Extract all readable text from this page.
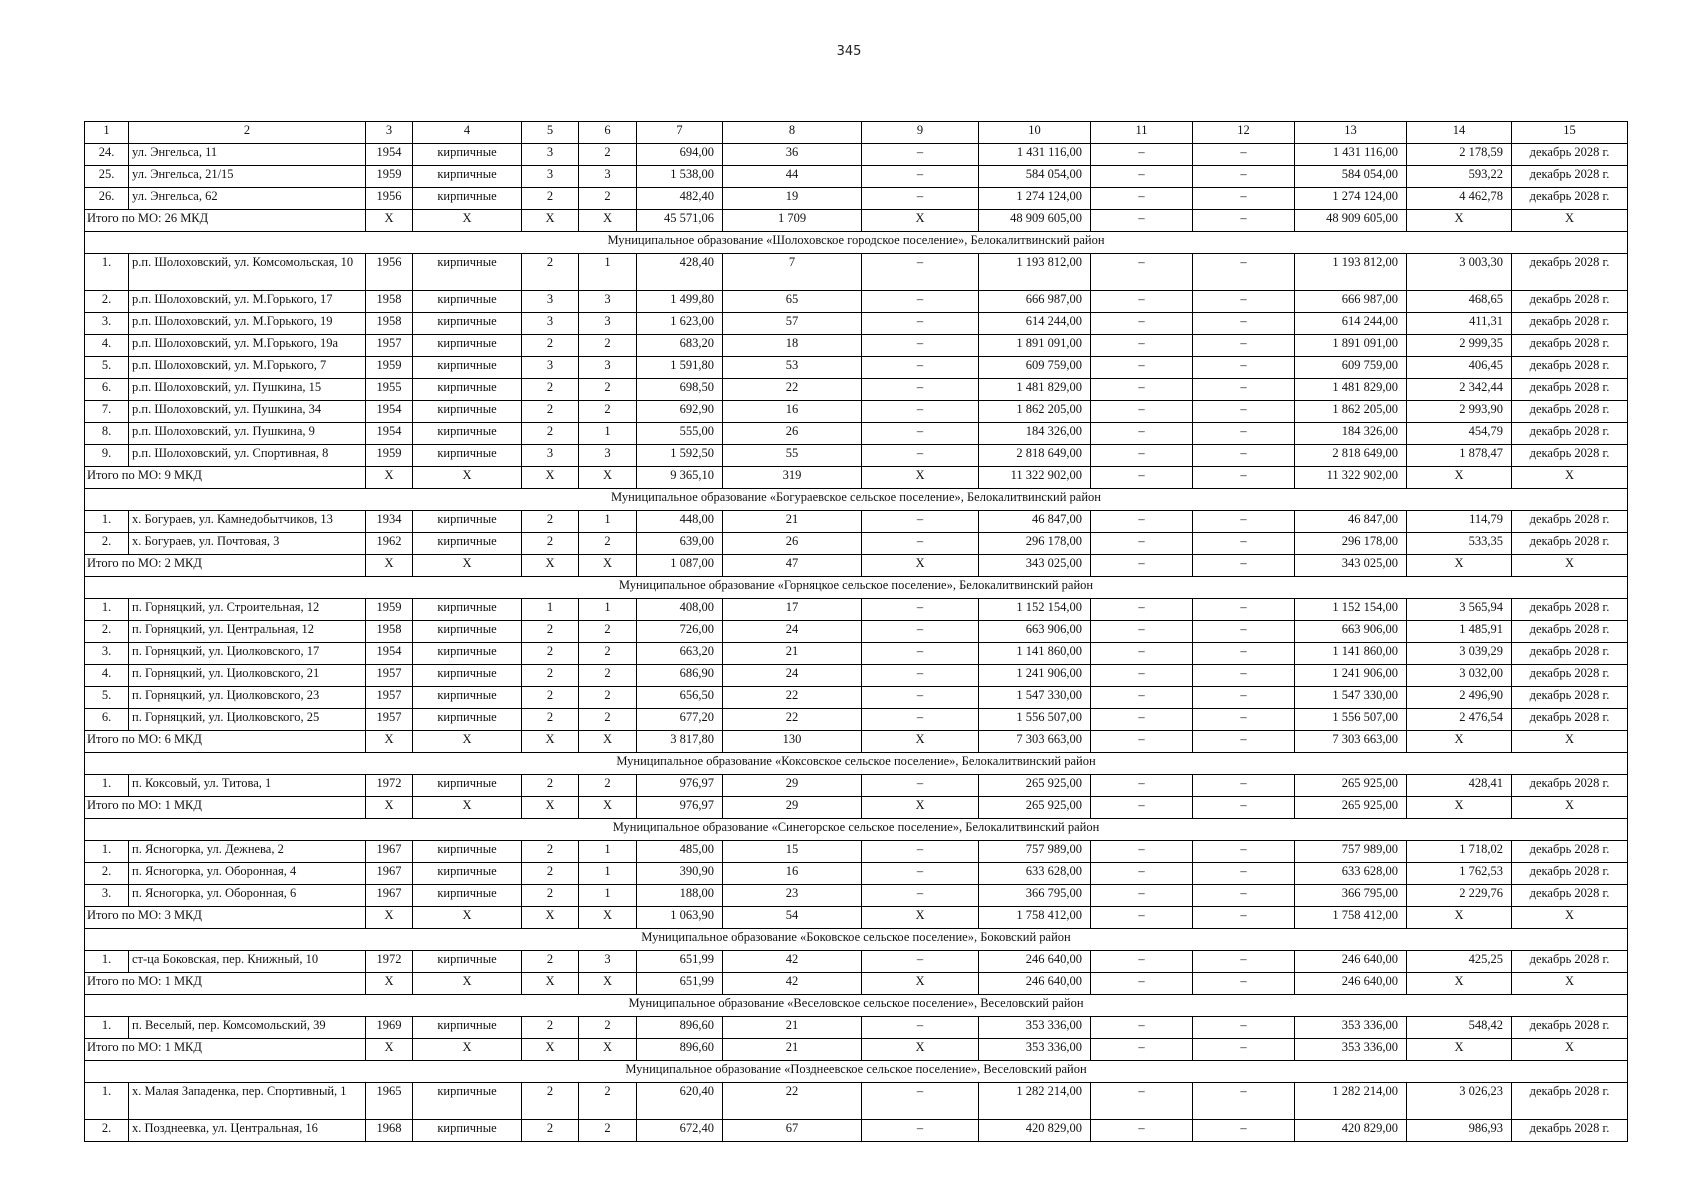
345
1	2	3	4	5	6	7	8	9	10	11	12	13	14	15
24.	ул. Энгельса, 11	1954	кирпичные	3	2	694,00	36	–	1 431 116,00	–	–	1 431 116,00	2 178,59	декабрь 2028 г.
25.	ул. Энгельса, 21/15	1959	кирпичные	3	3	1 538,00	44	–	584 054,00	–	–	584 054,00	593,22	декабрь 2028 г.
26.	ул. Энгельса, 62	1956	кирпичные	2	2	482,40	19	–	1 274 124,00	–	–	1 274 124,00	4 462,78	декабрь 2028 г.
Итого по МО: 26 МКД		X	X	X	X	45 571,06	1 709	X	48 909 605,00	–	–	48 909 605,00	X	X
Муниципальное образование «Шолоховское городское поселение», Белокалитвинский район														
1.	р.п. Шолоховский, ул. Комсомольская, 10	1956	кирпичные	2	1	428,40	7	–	1 193 812,00	–	–	1 193 812,00	3 003,30	декабрь 2028 г.
2.	р.п. Шолоховский, ул. М.Горького, 17	1958	кирпичные	3	3	1 499,80	65	–	666 987,00	–	–	666 987,00	468,65	декабрь 2028 г.
3.	р.п. Шолоховский, ул. М.Горького, 19	1958	кирпичные	3	3	1 623,00	57	–	614 244,00	–	–	614 244,00	411,31	декабрь 2028 г.
4.	р.п. Шолоховский, ул. М.Горького, 19а	1957	кирпичные	2	2	683,20	18	–	1 891 091,00	–	–	1 891 091,00	2 999,35	декабрь 2028 г.
5.	р.п. Шолоховский, ул. М.Горького, 7	1959	кирпичные	3	3	1 591,80	53	–	609 759,00	–	–	609 759,00	406,45	декабрь 2028 г.
6.	р.п. Шолоховский, ул. Пушкина, 15	1955	кирпичные	2	2	698,50	22	–	1 481 829,00	–	–	1 481 829,00	2 342,44	декабрь 2028 г.
7.	р.п. Шолоховский, ул. Пушкина, 34	1954	кирпичные	2	2	692,90	16	–	1 862 205,00	–	–	1 862 205,00	2 993,90	декабрь 2028 г.
8.	р.п. Шолоховский, ул. Пушкина, 9	1954	кирпичные	2	1	555,00	26	–	184 326,00	–	–	184 326,00	454,79	декабрь 2028 г.
9.	р.п. Шолоховский, ул. Спортивная, 8	1959	кирпичные	3	3	1 592,50	55	–	2 818 649,00	–	–	2 818 649,00	1 878,47	декабрь 2028 г.
Итого по МО: 9 МКД		X	X	X	X	9 365,10	319	X	11 322 902,00	–	–	11 322 902,00	X	X
Муниципальное образование «Богураевское сельское поселение», Белокалитвинский район														
1.	х. Богураев, ул. Камнедобытчиков, 13	1934	кирпичные	2	1	448,00	21	–	46 847,00	–	–	46 847,00	114,79	декабрь 2028 г.
2.	х. Богураев, ул. Почтовая, 3	1962	кирпичные	2	2	639,00	26	–	296 178,00	–	–	296 178,00	533,35	декабрь 2028 г.
Итого по МО: 2 МКД		X	X	X	X	1 087,00	47	X	343 025,00	–	–	343 025,00	X	X
Муниципальное образование «Горняцкое сельское поселение», Белокалитвинский район														
1.	п. Горняцкий, ул. Строительная, 12	1959	кирпичные	1	1	408,00	17	–	1 152 154,00	–	–	1 152 154,00	3 565,94	декабрь 2028 г.
2.	п. Горняцкий, ул. Центральная, 12	1958	кирпичные	2	2	726,00	24	–	663 906,00	–	–	663 906,00	1 485,91	декабрь 2028 г.
3.	п. Горняцкий, ул. Циолковского, 17	1954	кирпичные	2	2	663,20	21	–	1 141 860,00	–	–	1 141 860,00	3 039,29	декабрь 2028 г.
4.	п. Горняцкий, ул. Циолковского, 21	1957	кирпичные	2	2	686,90	24	–	1 241 906,00	–	–	1 241 906,00	3 032,00	декабрь 2028 г.
5.	п. Горняцкий, ул. Циолковского, 23	1957	кирпичные	2	2	656,50	22	–	1 547 330,00	–	–	1 547 330,00	2 496,90	декабрь 2028 г.
6.	п. Горняцкий, ул. Циолковского, 25	1957	кирпичные	2	2	677,20	22	–	1 556 507,00	–	–	1 556 507,00	2 476,54	декабрь 2028 г.
Итого по МО: 6 МКД		X	X	X	X	3 817,80	130	X	7 303 663,00	–	–	7 303 663,00	X	X
Муниципальное образование «Коксовское сельское поселение», Белокалитвинский район														
1.	п. Коксовый, ул. Титова, 1	1972	кирпичные	2	2	976,97	29	–	265 925,00	–	–	265 925,00	428,41	декабрь 2028 г.
Итого по МО: 1 МКД		X	X	X	X	976,97	29	X	265 925,00	–	–	265 925,00	X	X
Муниципальное образование «Синегорское сельское поселение», Белокалитвинский район														
1.	п. Ясногорка, ул. Дежнева, 2	1967	кирпичные	2	1	485,00	15	–	757 989,00	–	–	757 989,00	1 718,02	декабрь 2028 г.
2.	п. Ясногорка, ул. Оборонная, 4	1967	кирпичные	2	1	390,90	16	–	633 628,00	–	–	633 628,00	1 762,53	декабрь 2028 г.
3.	п. Ясногорка, ул. Оборонная, 6	1967	кирпичные	2	1	188,00	23	–	366 795,00	–	–	366 795,00	2 229,76	декабрь 2028 г.
Итого по МО: 3 МКД		X	X	X	X	1 063,90	54	X	1 758 412,00	–	–	1 758 412,00	X	X
Муниципальное образование «Боковское сельское поселение», Боковский район														
1.	ст-ца Боковская, пер. Книжный, 10	1972	кирпичные	2	3	651,99	42	–	246 640,00	–	–	246 640,00	425,25	декабрь 2028 г.
Итого по МО: 1 МКД		X	X	X	X	651,99	42	X	246 640,00	–	–	246 640,00	X	X
Муниципальное образование «Веселовское сельское поселение», Веселовский район														
1.	п. Веселый, пер. Комсомольский, 39	1969	кирпичные	2	2	896,60	21	–	353 336,00	–	–	353 336,00	548,42	декабрь 2028 г.
Итого по МО: 1 МКД		X	X	X	X	896,60	21	X	353 336,00	–	–	353 336,00	X	X
Муниципальное образование «Позднеевское сельское поселение», Веселовский район														
1.	х. Малая Западенка, пер. Спортивный, 1	1965	кирпичные	2	2	620,40	22	–	1 282 214,00	–	–	1 282 214,00	3 026,23	декабрь 2028 г.
2.	х. Позднеевка, ул. Центральная, 16	1968	кирпичные	2	2	672,40	67	–	420 829,00	–	–	420 829,00	986,93	декабрь 2028 г.
